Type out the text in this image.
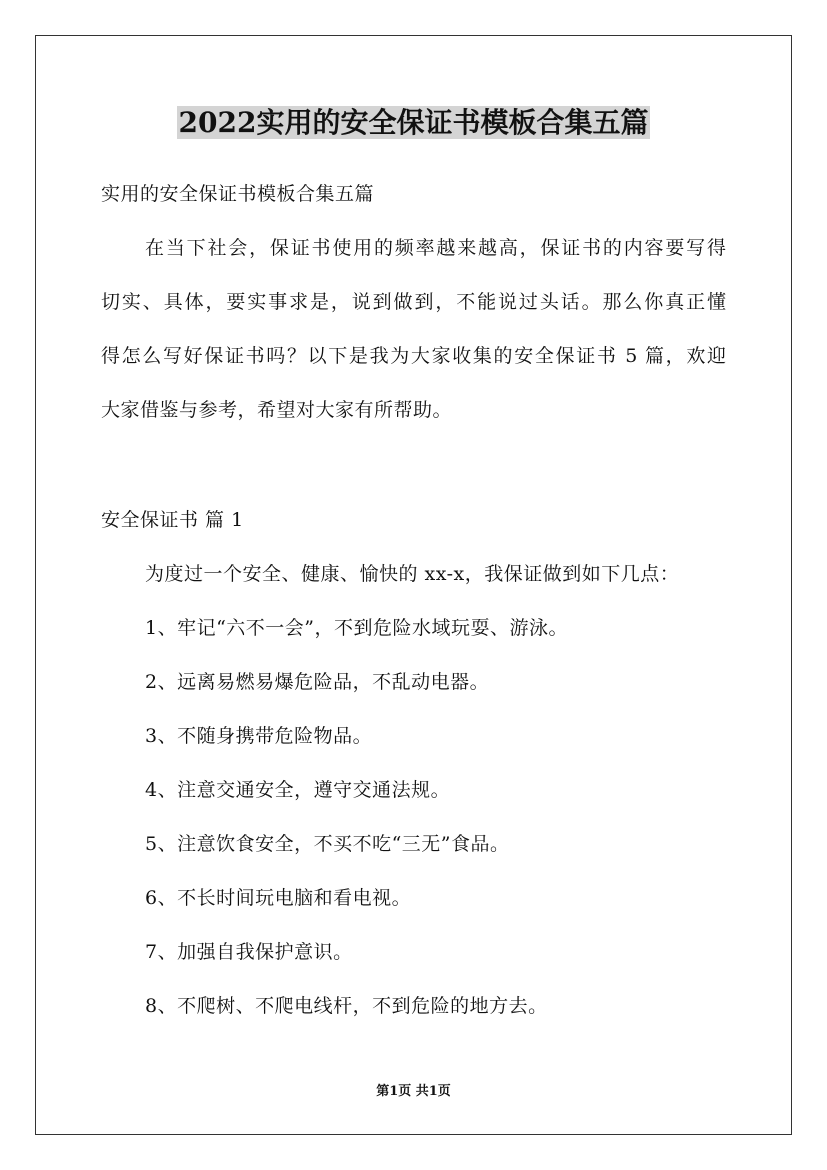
2022实用的安全保证书模板合集五篇
实用的安全保证书模板合集五篇
在当下社会，保证书使用的频率越来越高，保证书的内容要写得
切实、具体，要实事求是，说到做到，不能说过头话。那么你真正懂
得怎么写好保证书吗？以下是我为大家收集的安全保证书 5 篇，欢迎
大家借鉴与参考，希望对大家有所帮助。
安全保证书 篇 1
为度过一个安全、健康、愉快的 xx-x，我保证做到如下几点：
1、牢记“六不一会”，不到危险水域玩耍、游泳。
2、远离易燃易爆危险品，不乱动电器。
3、不随身携带危险物品。
4、注意交通安全，遵守交通法规。
5、注意饮食安全，不买不吃“三无”食品。
6、不长时间玩电脑和看电视。
7、加强自我保护意识。
8、不爬树、不爬电线杆，不到危险的地方去。
第1页 共1页
